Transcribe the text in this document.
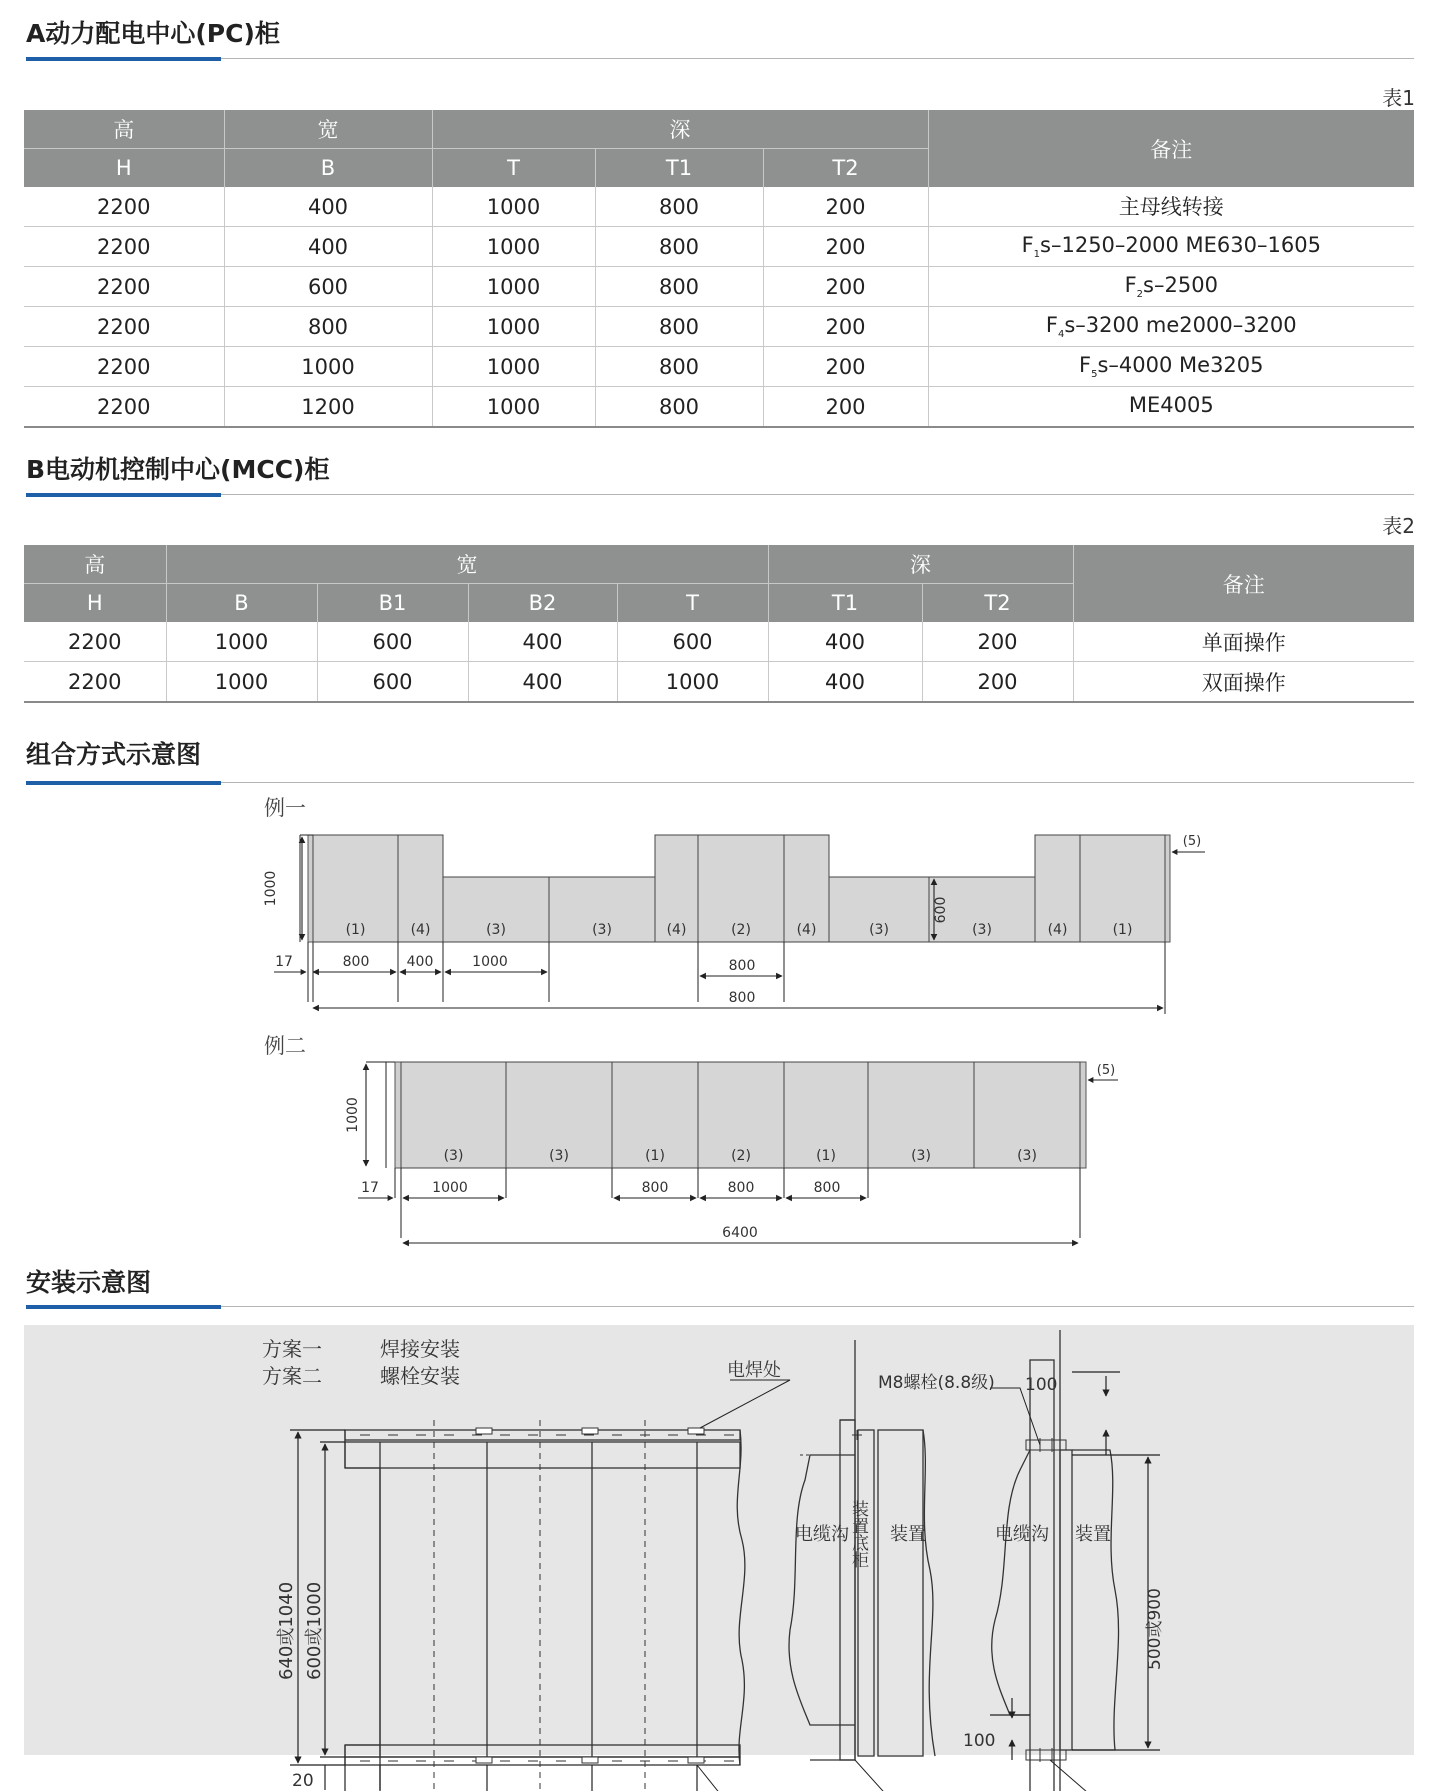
A动力配电中心(PC)柜
表1
高	宽	深			备注
H	B	T	T1	T2	
2200	400	1000	800	200	主母线转接
2200	400	1000	800	200	$F_1s-1250-2000$ ME630–1605
2200	600	1000	800	200	$F_2s-2500$
2200	800	1000	800	200	$F_4s-3200$ me2000–3200
2200	1000	1000	800	200	$F_5s-4000$ Me3205
2200	1200	1000	800	200	ME4005
B电动机控制中心(MCC)柜
表2
高	宽				深		备注
H	B	B1	B2	T	T1	T2	
2200	1000	600	400	600	400	200	单面操作
2200	1000	600	400	1000	400	200	双面操作
组合方式示意图
例一
例二
(1)	(4)	(3)	(3)	(4)	(2)	(4)	(3)	(3)	(4)	(1)
1000
600
(5)
800	400	1000	800
17
800
(3)	(3)	(1)	(2)	(1)	(3)	(3)
1000
(5)
17	1000	800	800	800
6400
安装示意图
方案一	焊接安装
方案二	螺栓安装	电焊处
M8螺栓(8.8级) 100
100
640或1040 600或1000
20
500或900
电缆沟 装置
装置底柜	电缆沟 装置
